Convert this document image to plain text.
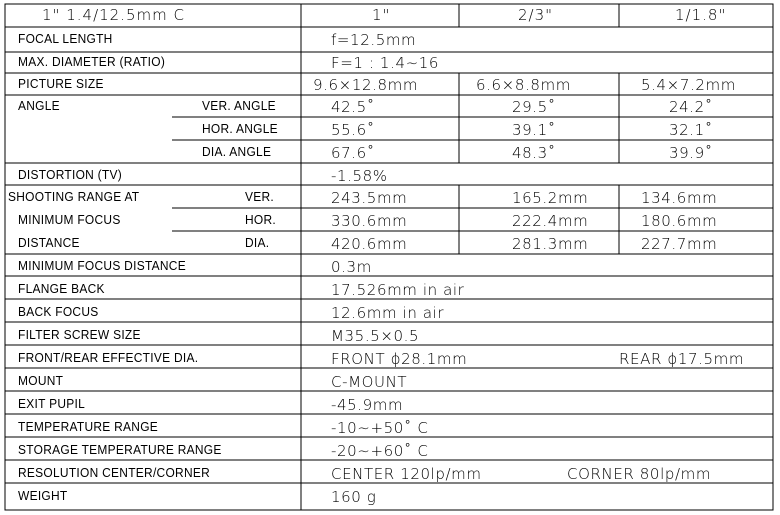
1" 1.4/12.5mm C	1"	2/3"	1/1.8"
FOCAL LENGTH	f=12.5mm
MAX. DIAMETER (RATIO)	F=1 : 1.4~16
PICTURE SIZE	9.6×12.8mm	6.6×8.8mm	5.4×7.2mm
ANGLE	VER. ANGLE	42.5˚	29.5˚	24.2˚
HOR. ANGLE	55.6˚	39.1˚	32.1˚
DIA. ANGLE	67.6˚	48.3˚	39.9˚
DISTORTION (TV)	-1.58%
SHOOTING RANGE AT
MINIMUM FOCUS
DISTANCE
VER.	243.5mm	165.2mm	134.6mm
HOR.	330.6mm	222.4mm	180.6mm
DIA.	420.6mm	281.3mm	227.7mm
MINIMUM FOCUS DISTANCE	0.3m
FLANGE BACK	17.526mm in air
BACK FOCUS	12.6mm in air
FILTER SCREW SIZE	M35.5×0.5
FRONT/REAR EFFECTIVE DIA.	FRONT ϕ28.1mm	REAR ϕ17.5mm
MOUNT	C-MOUNT
EXIT PUPIL	-45.9mm
TEMPERATURE RANGE	-10~+50˚ C
STORAGE TEMPERATURE RANGE	-20~+60˚ C
RESOLUTION CENTER/CORNER	CENTER 120lp/mm	CORNER 80lp/mm
WEIGHT	160 g
